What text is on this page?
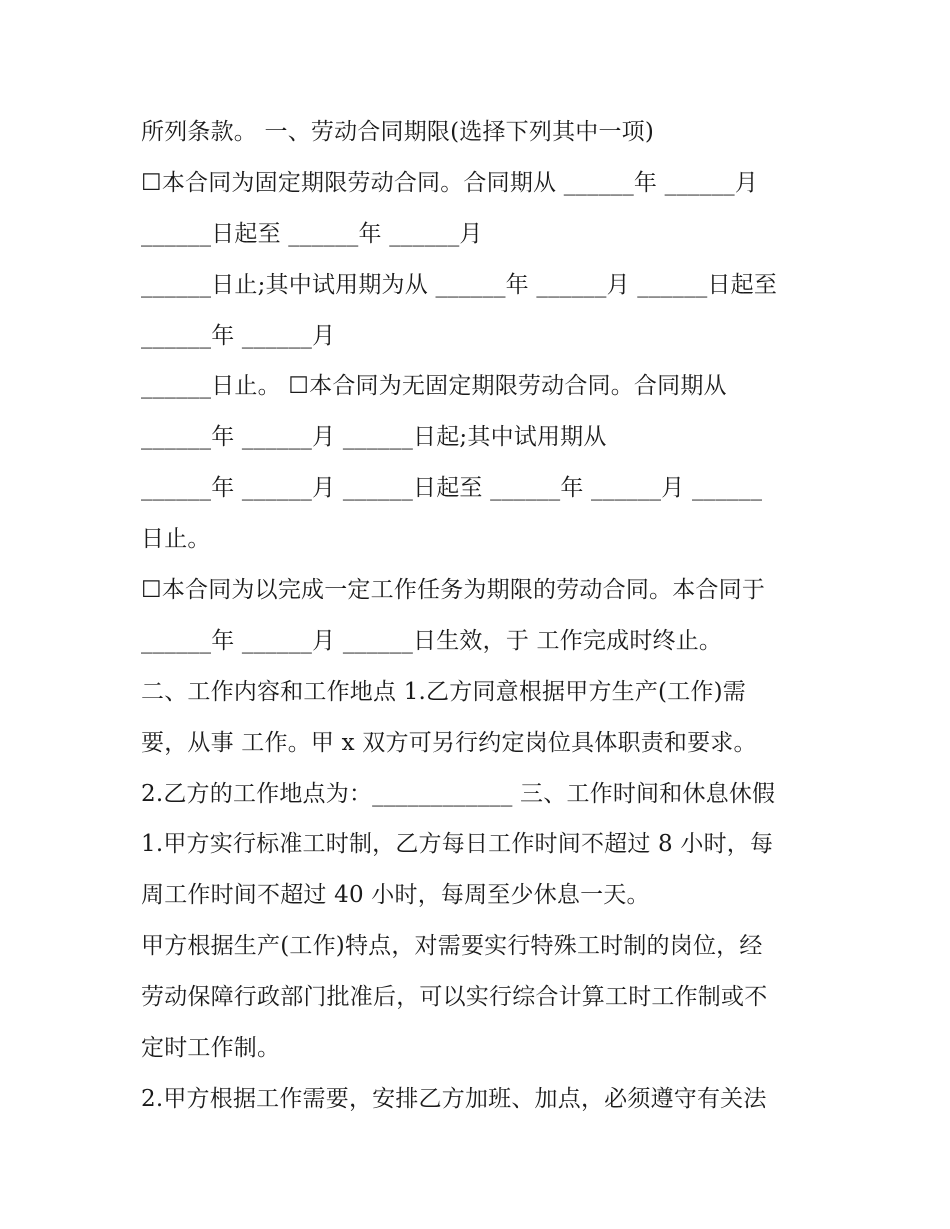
所列条款。 一、劳动合同期限(选择下列其中一项)
☐本合同为固定期限劳动合同。合同期从 ______年 ______月
______日起至 ______年 ______月
______日止;其中试用期为从 ______年 ______月 ______日起至
______年 ______月
______日止。 ☐本合同为无固定期限劳动合同。合同期从
______年 ______月 ______日起;其中试用期从
______年 ______月 ______日起至 ______年 ______月 ______
日止。
☐本合同为以完成一定工作任务为期限的劳动合同。本合同于
______年 ______月 ______日生效，于 工作完成时终止。
二、工作内容和工作地点 1.乙方同意根据甲方生产(工作)需
要，从事 工作。甲 x 双方可另行约定岗位具体职责和要求。
2.乙方的工作地点为：____________ 三、工作时间和休息休假
1.甲方实行标准工时制，乙方每日工作时间不超过 8 小时，每
周工作时间不超过 40 小时，每周至少休息一天。
甲方根据生产(工作)特点，对需要实行特殊工时制的岗位，经
劳动保障行政部门批准后，可以实行综合计算工时工作制或不
定时工作制。
2.甲方根据工作需要，安排乙方加班、加点，必须遵守有关法
